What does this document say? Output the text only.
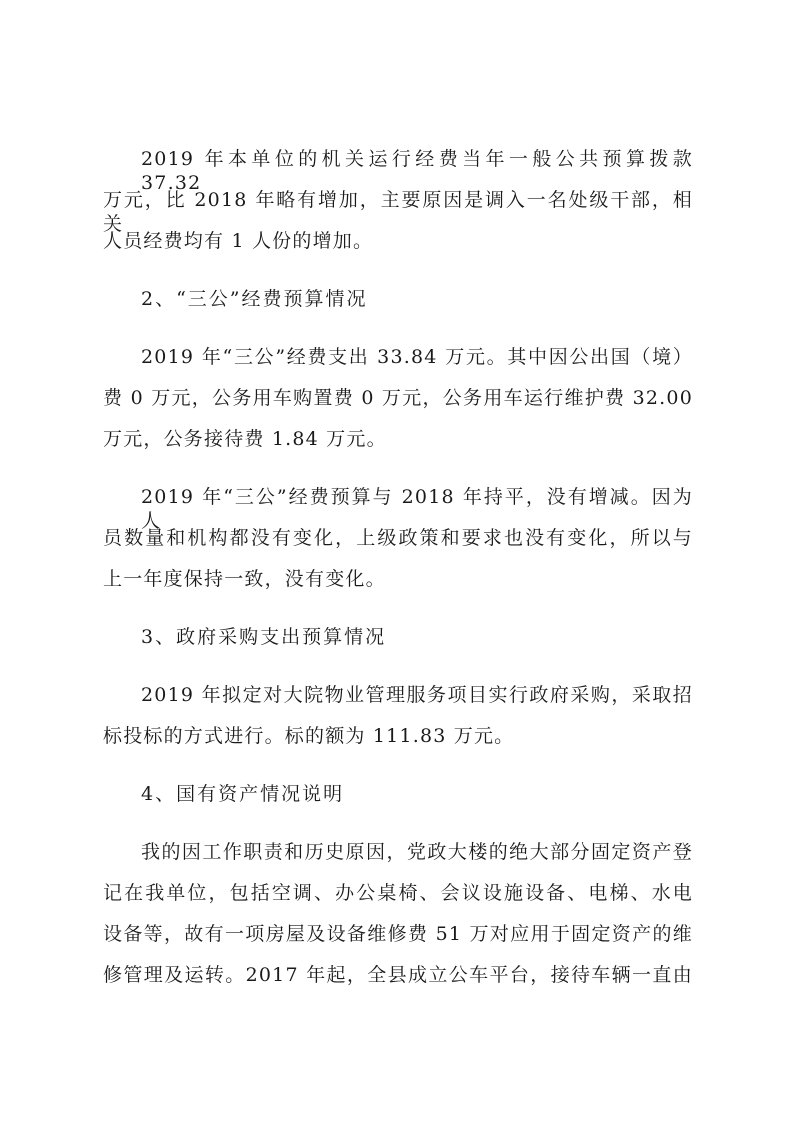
2019 年本单位的机关运行经费当年一般公共预算拨款 37.32
万元，比 2018 年略有增加，主要原因是调入一名处级干部，相关
人员经费均有 1 人份的增加。
2、“三公”经费预算情况
2019 年“三公”经费支出 33.84 万元。其中因公出国（境）
费 0 万元，公务用车购置费 0 万元，公务用车运行维护费 32.00
万元，公务接待费 1.84 万元。
2019 年“三公”经费预算与 2018 年持平，没有增减。因为人
员数量和机构都没有变化，上级政策和要求也没有变化，所以与
上一年度保持一致，没有变化。
3、政府采购支出预算情况
2019 年拟定对大院物业管理服务项目实行政府采购，采取招
标投标的方式进行。标的额为 111.83 万元。
4、国有资产情况说明
我的因工作职责和历史原因，党政大楼的绝大部分固定资产登
记在我单位，包括空调、办公桌椅、会议设施设备、电梯、水电
设备等，故有一项房屋及设备维修费 51 万对应用于固定资产的维
修管理及运转。2017 年起，全县成立公车平台，接待车辆一直由
